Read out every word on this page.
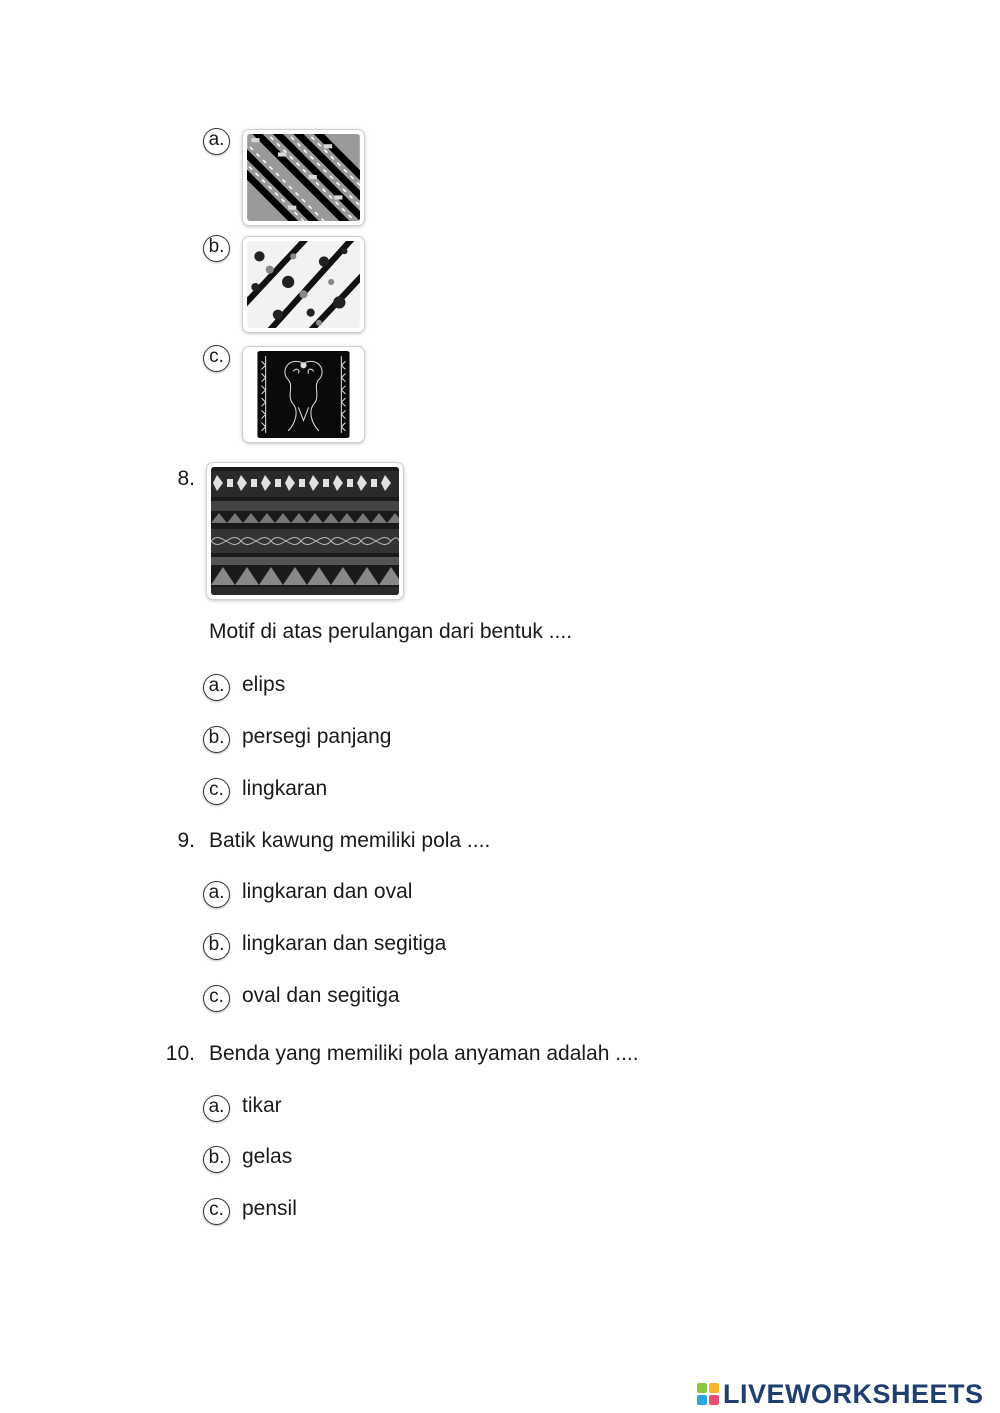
a.
b.
c.
8.
Motif di atas perulangan dari bentuk ....
a. elips
b. persegi panjang
c. lingkaran
9. Batik kawung memiliki pola ....
a. lingkaran dan oval
b. lingkaran dan segitiga
c. oval dan segitiga
10. Benda yang memiliki pola anyaman adalah ....
a. tikar
b. gelas
c. pensil
LIVEWORKSHEETS
